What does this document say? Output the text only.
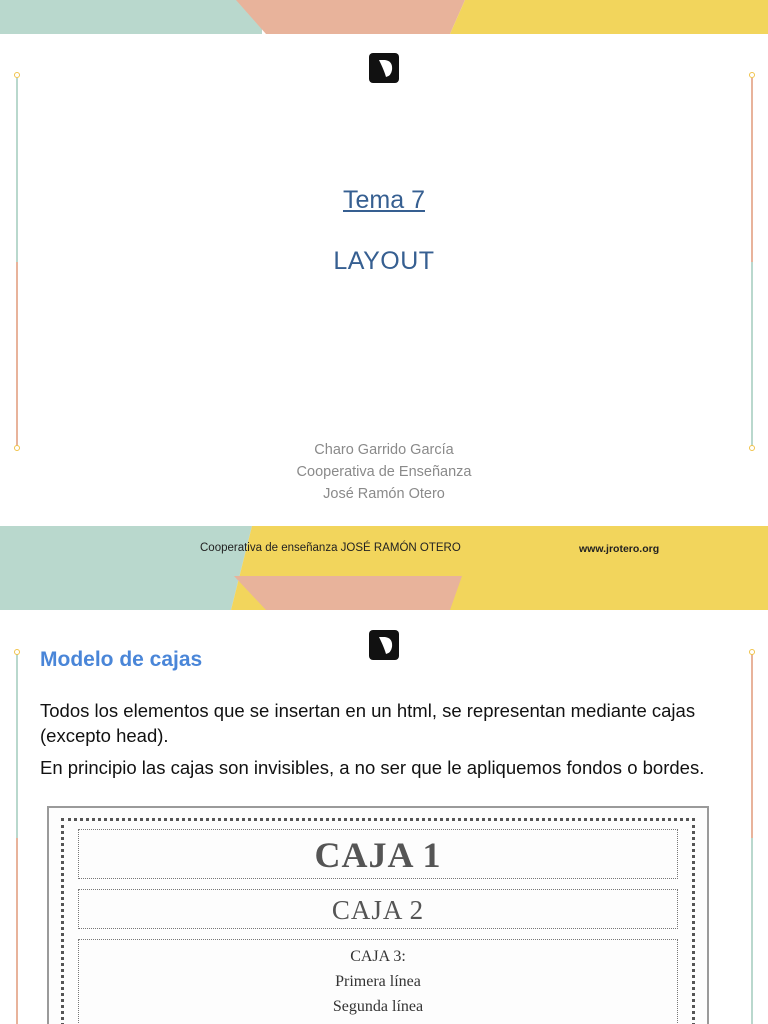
Tema 7
LAYOUT
Charo Garrido García
Cooperativa de Enseñanza
José Ramón Otero
Cooperativa de enseñanza JOSÉ RAMÓN OTERO	www.jrotero.org
Modelo de cajas
Todos los elementos que se insertan en un html, se representan mediante cajas (excepto head).
En principio las cajas son invisibles, a no ser que le apliquemos fondos o bordes.
CAJA 1
CAJA 2
CAJA 3:
Primera línea
Segunda línea
